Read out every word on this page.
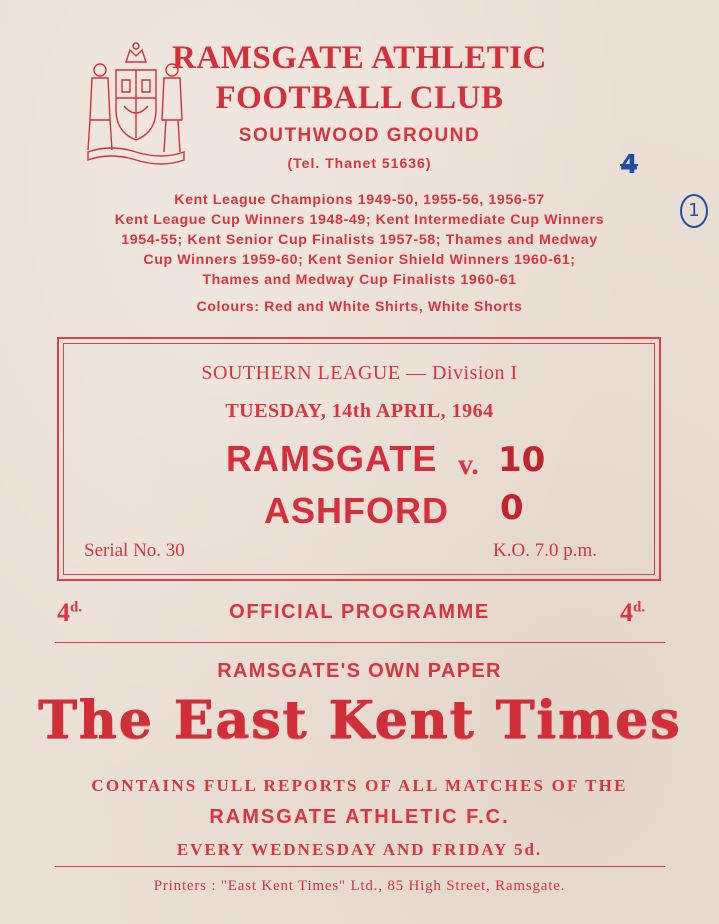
RAMSGATE ATHLETIC
FOOTBALL CLUB
SOUTHWOOD GROUND
(Tel. Thanet 51636)	4
1
Kent League Champions 1949-50, 1955-56, 1956-57
Kent League Cup Winners 1948-49; Kent Intermediate Cup Winners
1954-55; Kent Senior Cup Finalists 1957-58; Thames and Medway
Cup Winners 1959-60; Kent Senior Shield Winners 1960-61;
Thames and Medway Cup Finalists 1960-61
Colours: Red and White Shirts, White Shorts
SOUTHERN LEAGUE — Division I
TUESDAY, 14th APRIL, 1964
RAMSGATE v. 10
ASHFORD 0
Serial No. 30	K.O. 7.0 p.m.
$4^{d.}$	OFFICIAL PROGRAMME	$4^{d.}$
RAMSGATE'S OWN PAPER
The East Kent Times
CONTAINS FULL REPORTS OF ALL MATCHES OF THE
RAMSGATE ATHLETIC F.C.
EVERY WEDNESDAY AND FRIDAY 5d.
Printers : "East Kent Times" Ltd., 85 High Street, Ramsgate.
